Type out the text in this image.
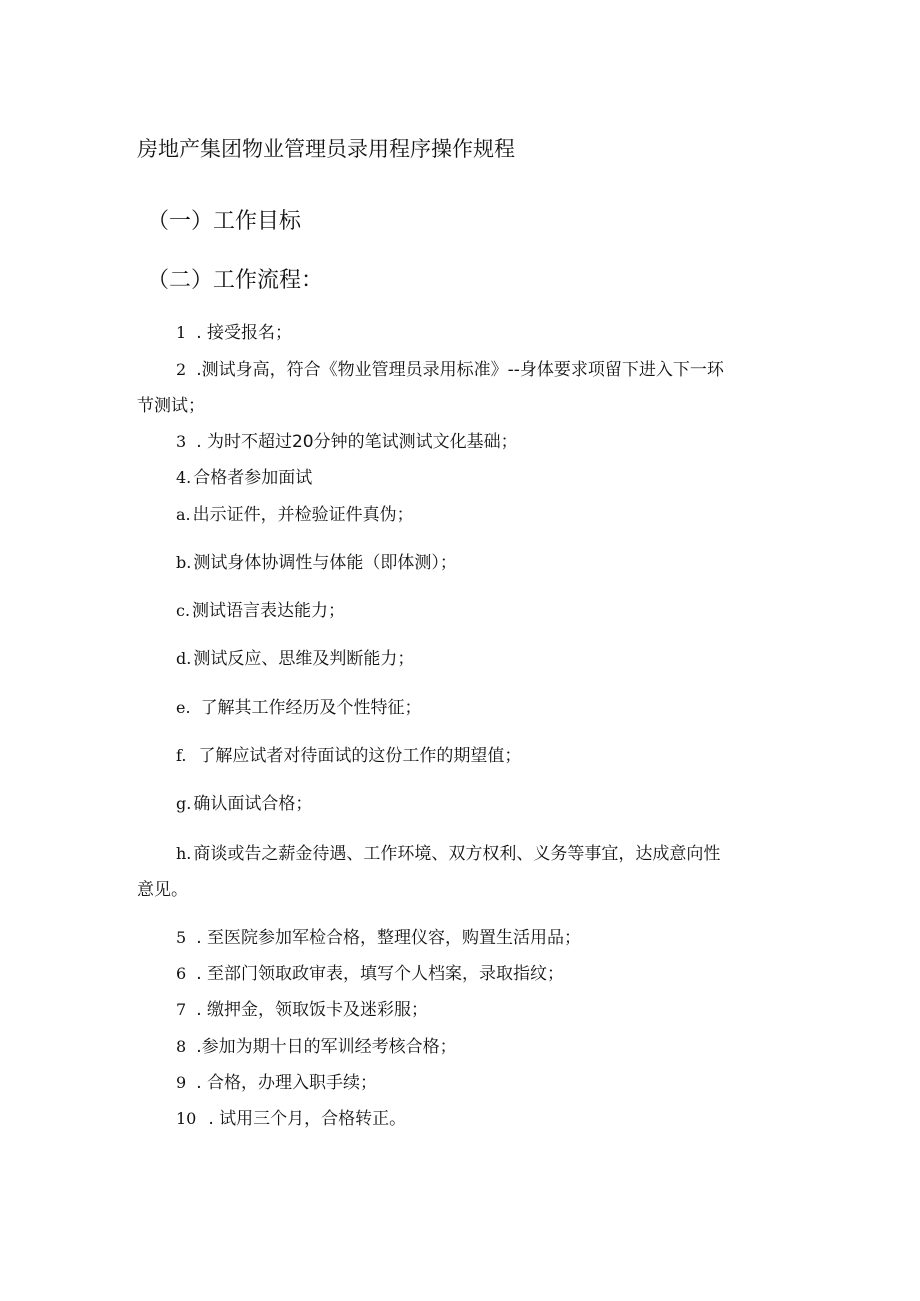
房地产集团物业管理员录用程序操作规程
（一）工作目标
（二）工作流程：
1 . 接受报名；
2 .测试身高，符合《物业管理员录用标准》--身体要求项留下进入下一环
节测试；
3 . 为时不超过20分钟的笔试测试文化基础；
4. 合格者参加面试
a. 出示证件，并检验证件真伪；
b. 测试身体协调性与体能（即体测）；
c. 测试语言表达能力；
d. 测试反应、思维及判断能力；
e. 了解其工作经历及个性特征；
f. 了解应试者对待面试的这份工作的期望值；
g. 确认面试合格；
h. 商谈或告之薪金待遇、工作环境、双方权利、义务等事宜，达成意向性
意见。
5 . 至医院参加军检合格，整理仪容，购置生活用品；
6 . 至部门领取政审表，填写个人档案，录取指纹；
7 . 缴押金，领取饭卡及迷彩服；
8 .参加为期十日的军训经考核合格；
9 . 合格，办理入职手续；
10 . 试用三个月，合格转正。
